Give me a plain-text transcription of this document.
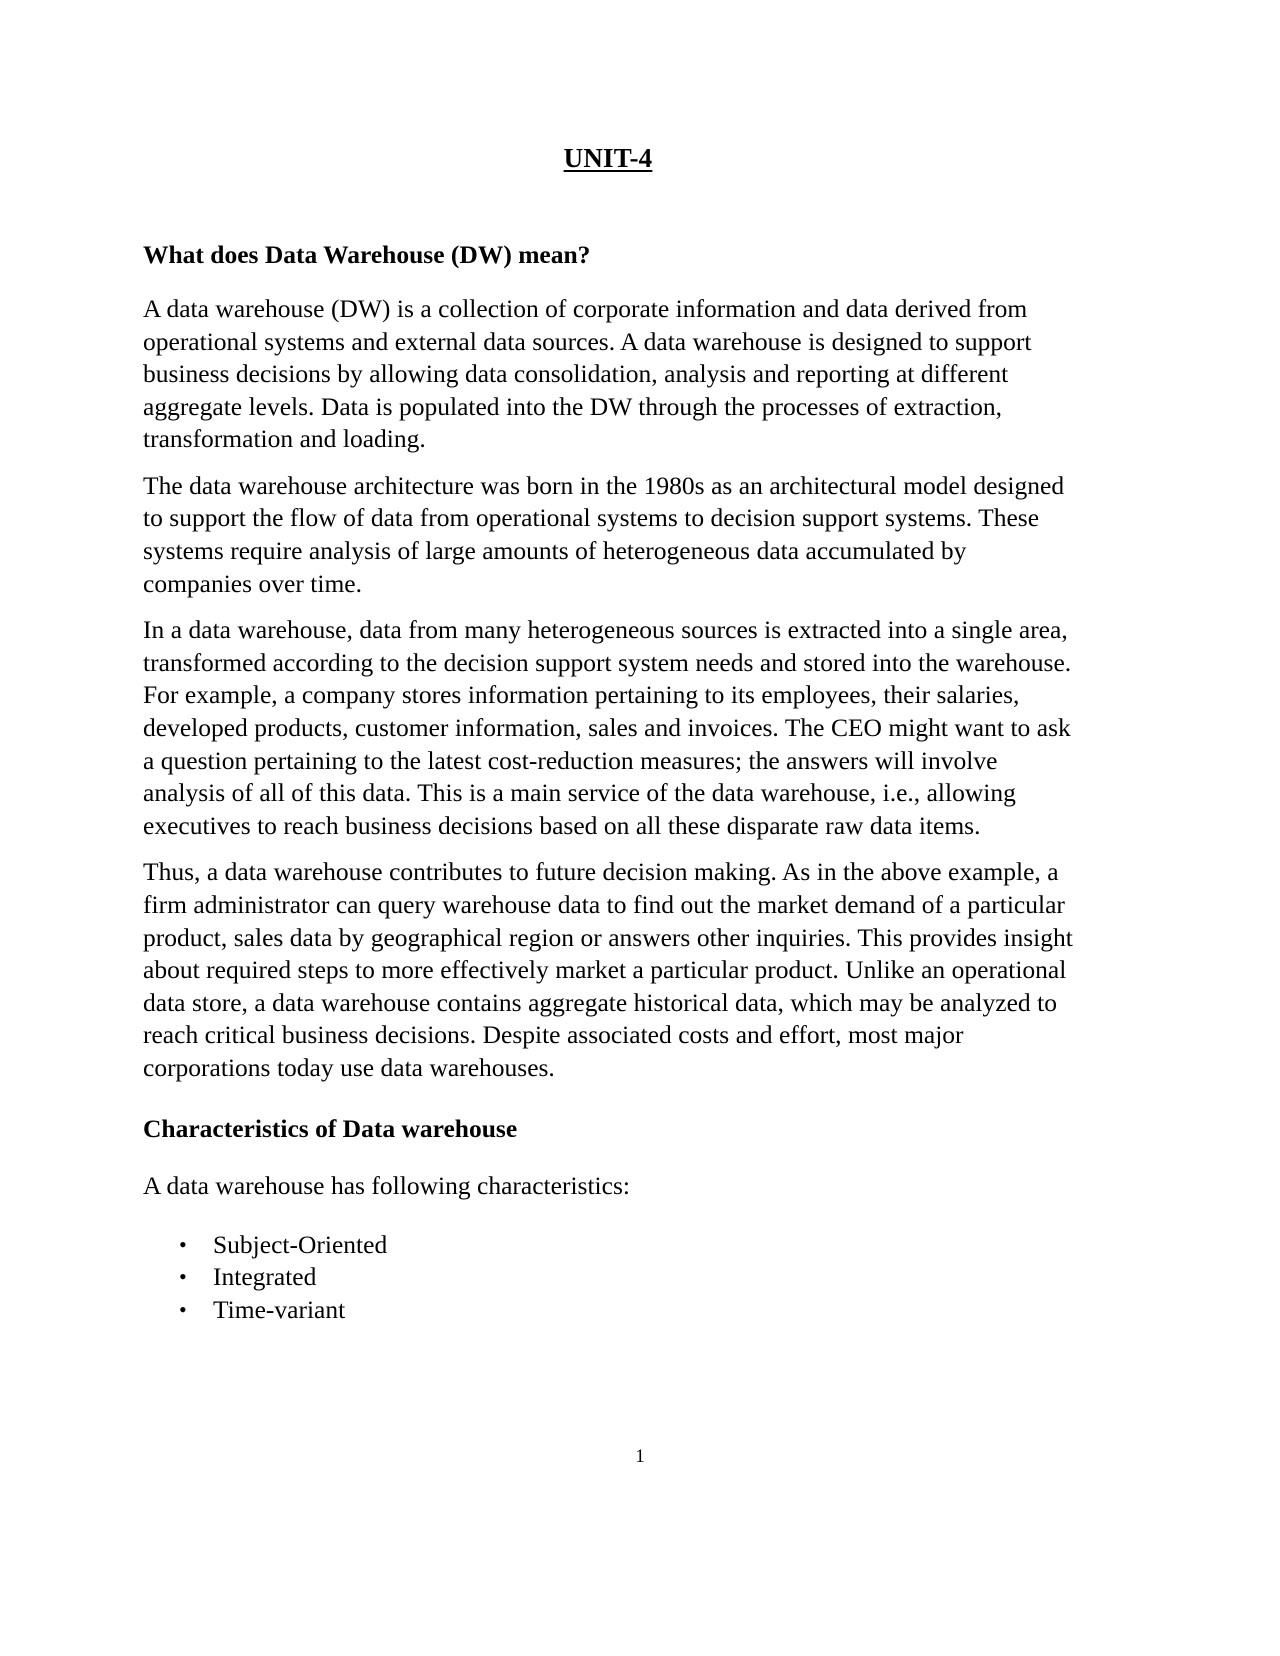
UNIT-4
What does Data Warehouse (DW) mean?

A data warehouse (DW) is a collection of corporate information and data derived from operational systems and external data sources. A data warehouse is designed to support business decisions by allowing data consolidation, analysis and reporting at different aggregate levels. Data is populated into the DW through the processes of extraction, transformation and loading.

The data warehouse architecture was born in the 1980s as an architectural model designed to support the flow of data from operational systems to decision support systems. These systems require analysis of large amounts of heterogeneous data accumulated by companies over time.

In a data warehouse, data from many heterogeneous sources is extracted into a single area, transformed according to the decision support system needs and stored into the warehouse. For example, a company stores information pertaining to its employees, their salaries, developed products, customer information, sales and invoices. The CEO might want to ask a question pertaining to the latest cost-reduction measures; the answers will involve analysis of all of this data. This is a main service of the data warehouse, i.e., allowing executives to reach business decisions based on all these disparate raw data items.

Thus, a data warehouse contributes to future decision making. As in the above example, a firm administrator can query warehouse data to find out the market demand of a particular product, sales data by geographical region or answers other inquiries. This provides insight about required steps to more effectively market a particular product. Unlike an operational data store, a data warehouse contains aggregate historical data, which may be analyzed to reach critical business decisions. Despite associated costs and effort, most major corporations today use data warehouses.

Characteristics of Data warehouse

A data warehouse has following characteristics:

• Subject-Oriented
• Integrated
• Time-variant
1
